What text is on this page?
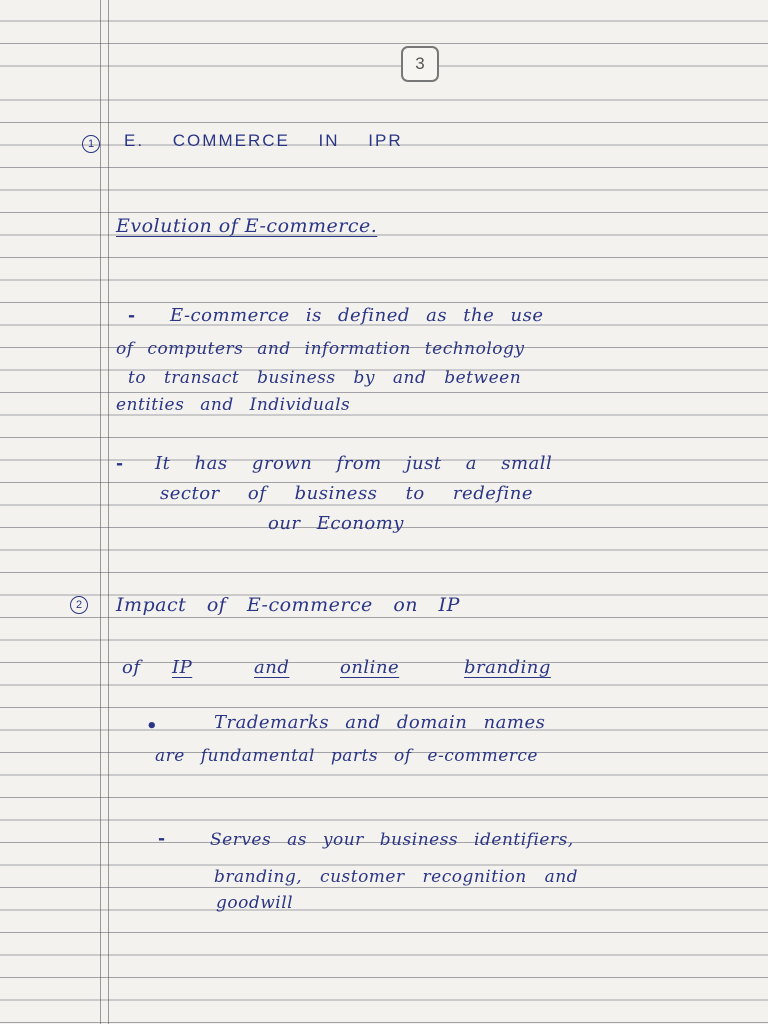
3
1 E. COMMERCE IN IPR
Evolution of E-commerce.
- E-commerce is defined as the use
of computers and information technology
to transact business by and between
entities and Individuals
- It has grown from just a small
sector of business to redefine
our Economy
2 Impact of E-commerce on IP
of IP	and	online	branding
•	Trademarks and domain names
are fundamental parts of e-commerce
-	Serves as your business identifiers,
branding, customer recognition and
goodwill
